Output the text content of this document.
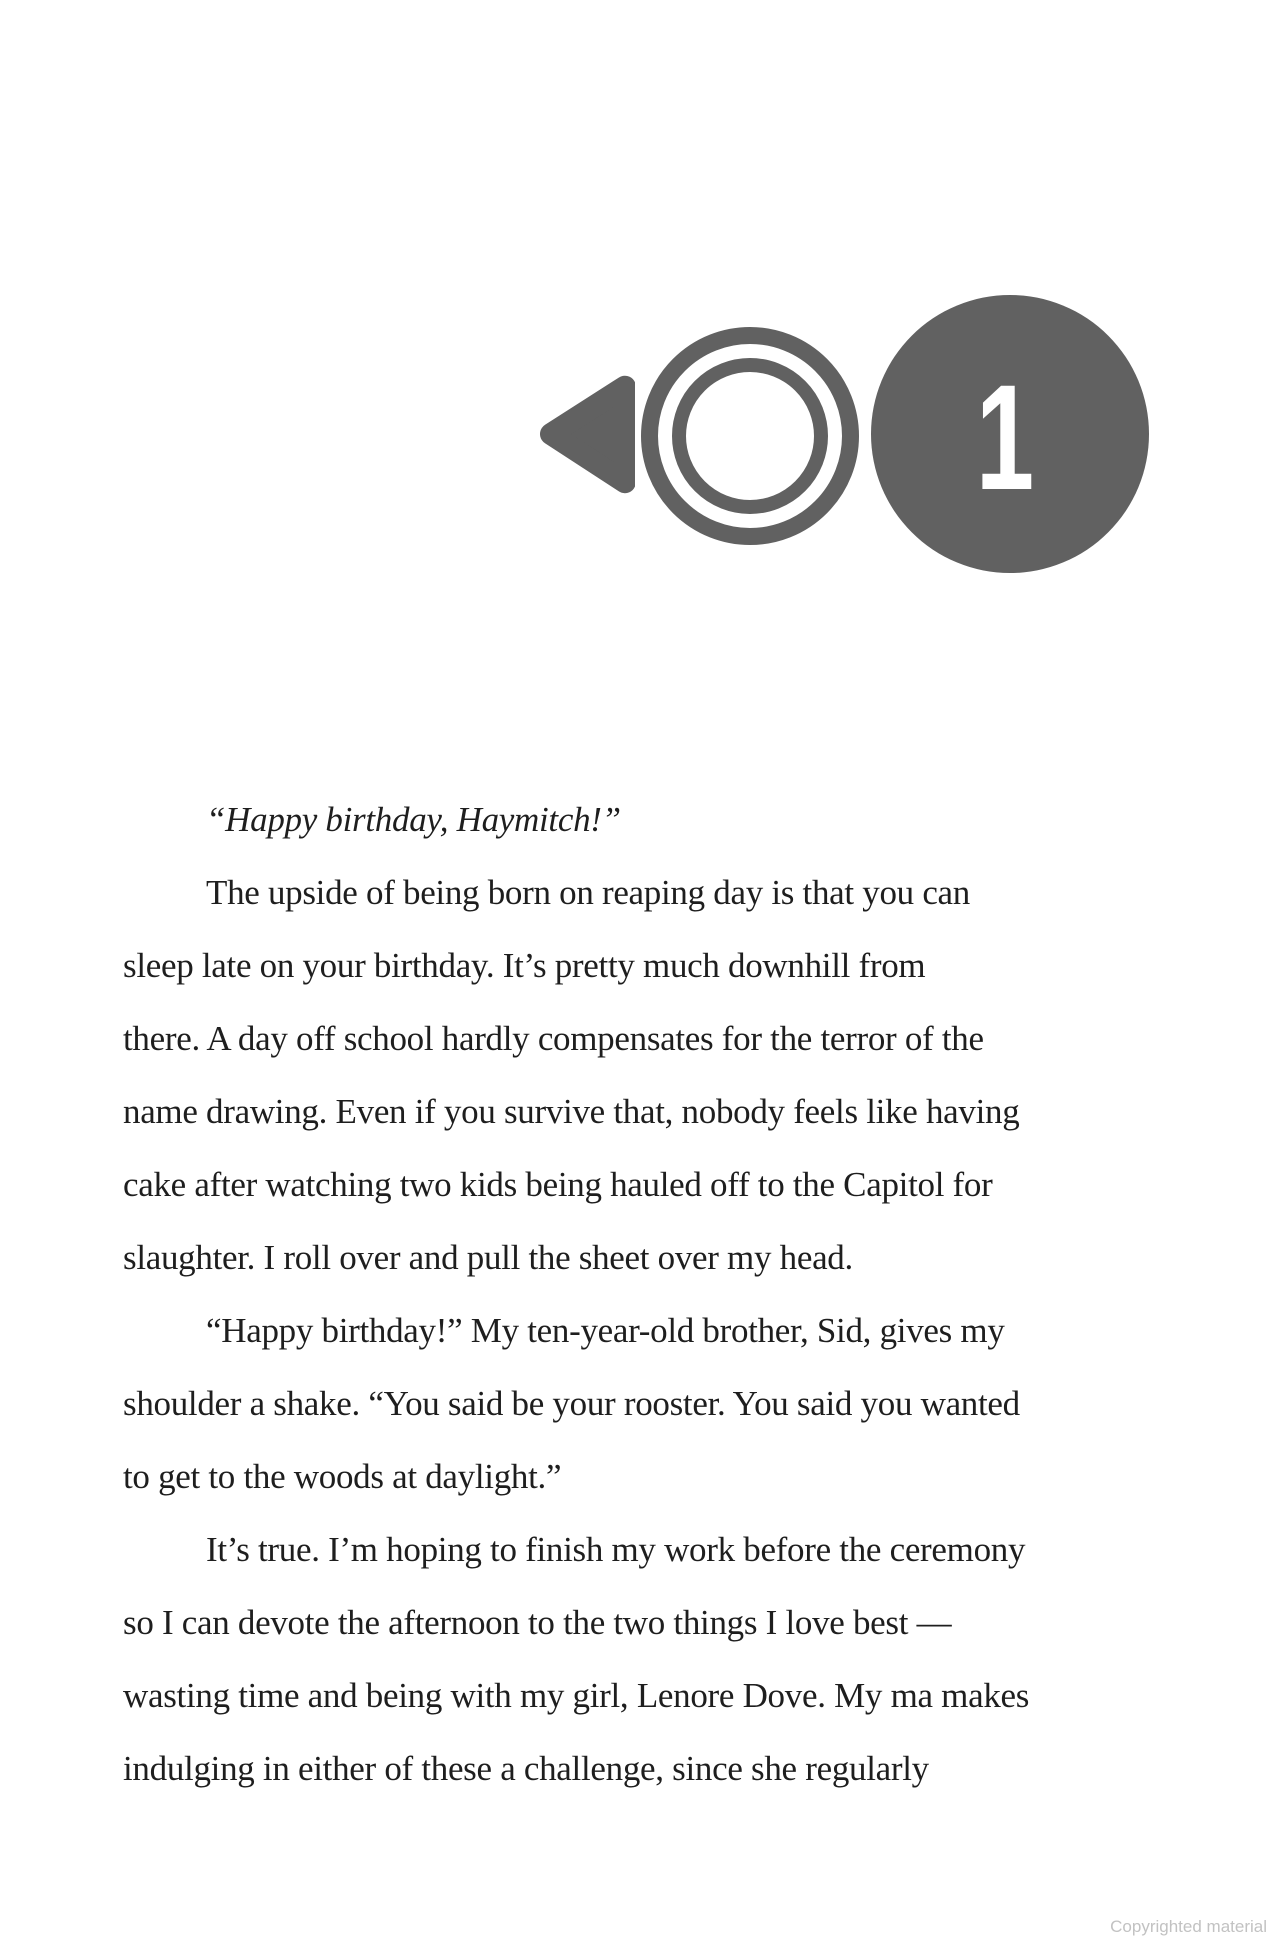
1
“Happy birthday, Haymitch!”
The upside of being born on reaping day is that you can
sleep late on your birthday. It’s pretty much downhill from
there. A day off school hardly compensates for the terror of the
name drawing. Even if you survive that, nobody feels like having
cake after watching two kids being hauled off to the Capitol for
slaughter. I roll over and pull the sheet over my head.
“Happy birthday!” My ten-year-old brother, Sid, gives my
shoulder a shake. “You said be your rooster. You said you wanted
to get to the woods at daylight.”
It’s true. I’m hoping to finish my work before the ceremony
so I can devote the afternoon to the two things I love best —
wasting time and being with my girl, Lenore Dove. My ma makes
indulging in either of these a challenge, since she regularly
Copyrighted material
